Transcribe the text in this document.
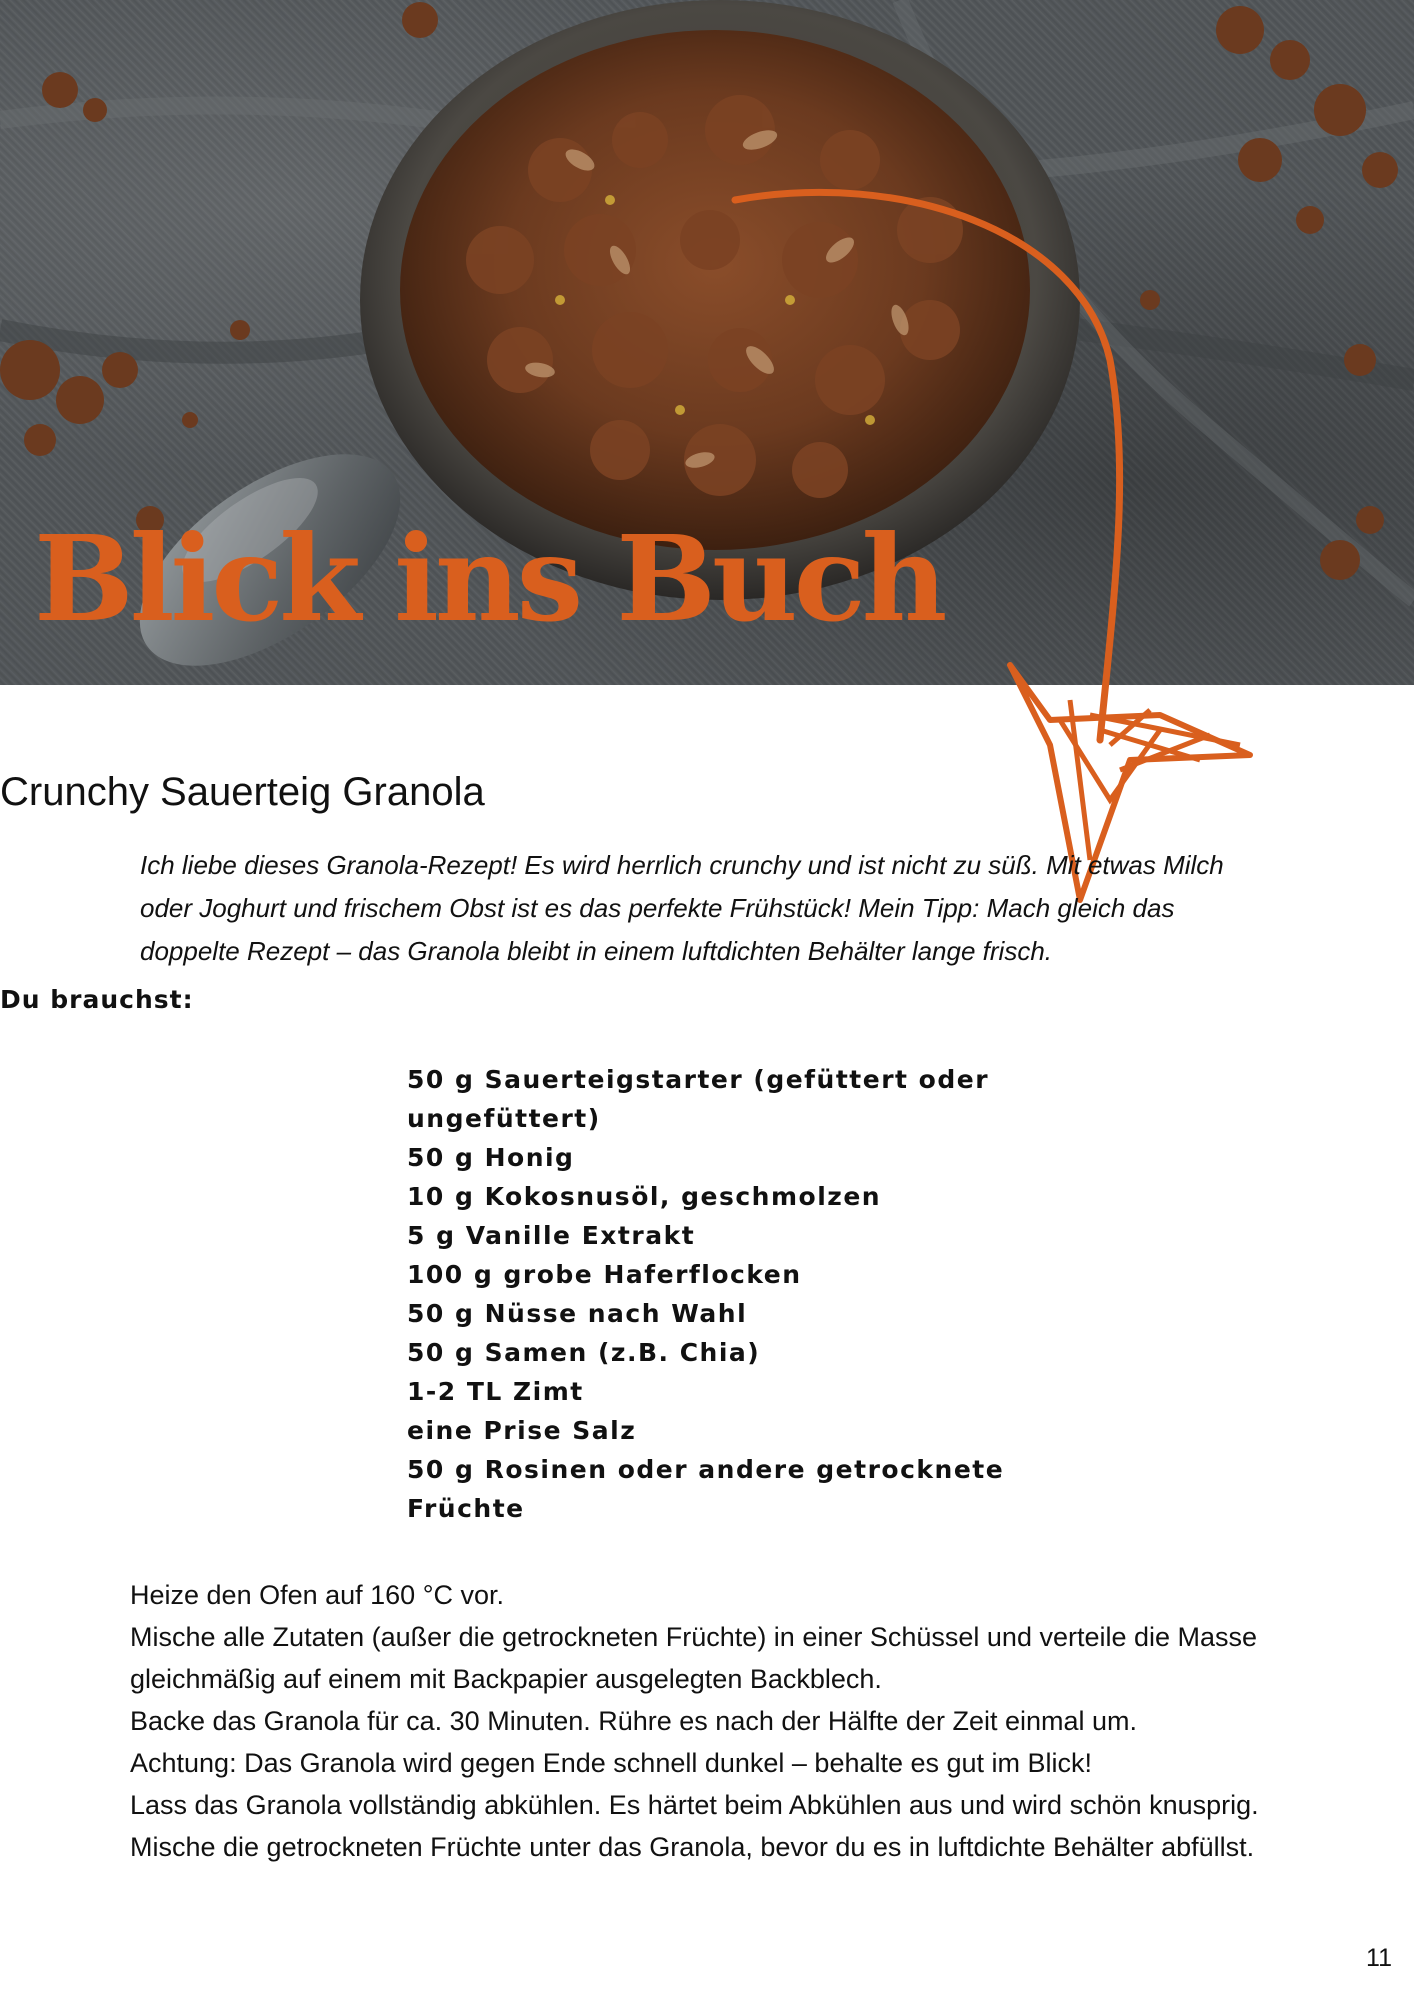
Blick ins Buch
Crunchy Sauerteig Granola

Ich liebe dieses Granola-Rezept! Es wird herrlich crunchy und ist nicht zu süß. Mit etwas Milch oder Joghurt und frischem Obst ist es das perfekte Frühstück! Mein Tipp: Mach gleich das doppelte Rezept – das Granola bleibt in einem luftdichten Behälter lange frisch.

Du brauchst:
50 g Sauerteigstarter (gefüttert oder ungefüttert)
50 g Honig
10 g Kokosnusöl, geschmolzen
5 g Vanille Extrakt
100 g grobe Haferflocken
50 g Nüsse nach Wahl
50 g Samen (z.B. Chia)
1-2 TL Zimt
eine Prise Salz
50 g Rosinen oder andere getrocknete Früchte
Heize den Ofen auf 160 °C vor.
Mische alle Zutaten (außer die getrockneten Früchte) in einer Schüssel und verteile die Masse gleichmäßig auf einem mit Backpapier ausgelegten Backblech.
Backe das Granola für ca. 30 Minuten. Rühre es nach der Hälfte der Zeit einmal um.
Achtung: Das Granola wird gegen Ende schnell dunkel – behalte es gut im Blick!
Lass das Granola vollständig abkühlen. Es härtet beim Abkühlen aus und wird schön knusprig.
Mische die getrockneten Früchte unter das Granola, bevor du es in luftdichte Behälter abfüllst.

11
